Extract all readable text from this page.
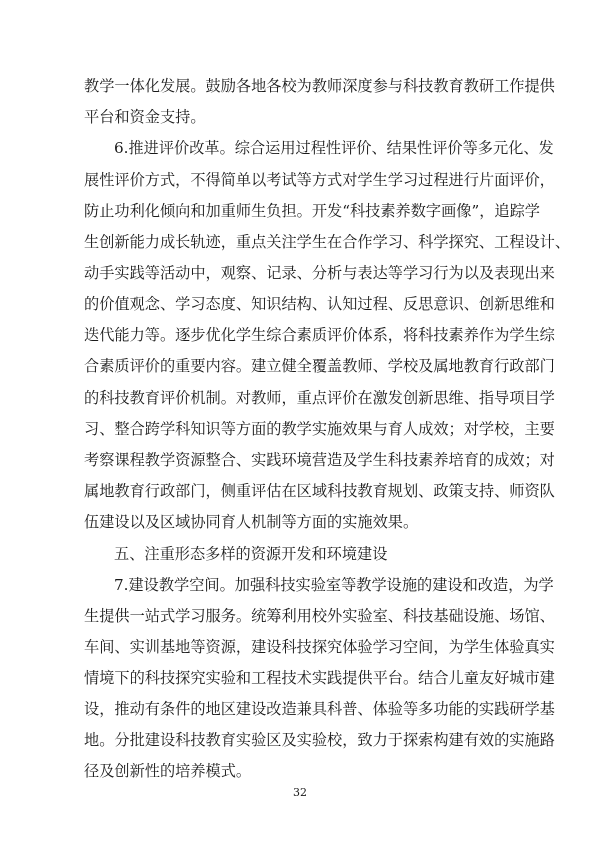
教学一体化发展。鼓励各地各校为教师深度参与科技教育教研工作提供
平台和资金支持。
6.推进评价改革。综合运用过程性评价、结果性评价等多元化、发
展性评价方式，不得简单以考试等方式对学生学习过程进行片面评价，
防止功利化倾向和加重师生负担。开发“科技素养数字画像”，追踪学
生创新能力成长轨迹，重点关注学生在合作学习、科学探究、工程设计、
动手实践等活动中，观察、记录、分析与表达等学习行为以及表现出来
的价值观念、学习态度、知识结构、认知过程、反思意识、创新思维和
迭代能力等。逐步优化学生综合素质评价体系，将科技素养作为学生综
合素质评价的重要内容。建立健全覆盖教师、学校及属地教育行政部门
的科技教育评价机制。对教师，重点评价在激发创新思维、指导项目学
习、整合跨学科知识等方面的教学实施效果与育人成效；对学校，主要
考察课程教学资源整合、实践环境营造及学生科技素养培育的成效；对
属地教育行政部门，侧重评估在区域科技教育规划、政策支持、师资队
伍建设以及区域协同育人机制等方面的实施效果。
五、注重形态多样的资源开发和环境建设
7.建设教学空间。加强科技实验室等教学设施的建设和改造，为学
生提供一站式学习服务。统筹利用校外实验室、科技基础设施、场馆、
车间、实训基地等资源，建设科技探究体验学习空间，为学生体验真实
情境下的科技探究实验和工程技术实践提供平台。结合儿童友好城市建
设，推动有条件的地区建设改造兼具科普、体验等多功能的实践研学基
地。分批建设科技教育实验区及实验校，致力于探索构建有效的实施路
径及创新性的培养模式。
32
